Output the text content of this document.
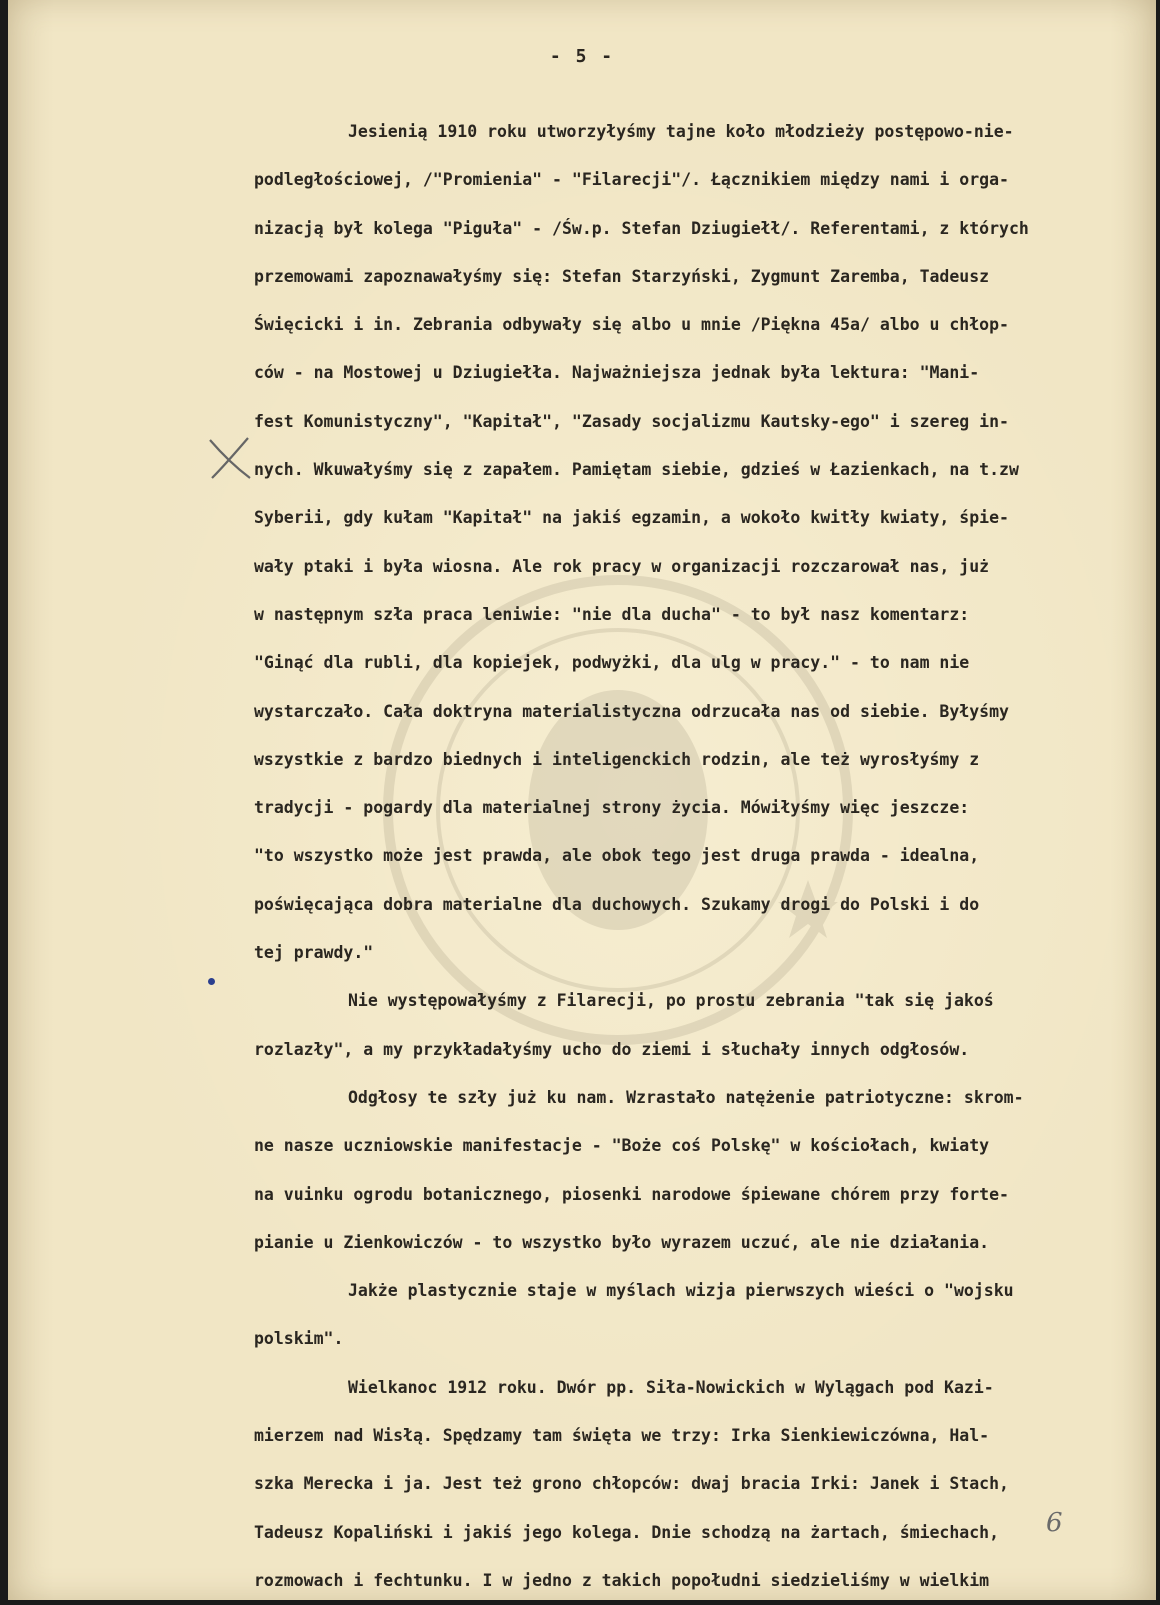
- 5 -
Jesienią 1910 roku utworzyłyśmy tajne koło młodzieży postępowo-nie-
podległościowej, /"Promienia" - "Filarecji"/. Łącznikiem między nami i orga-
nizacją był kolega "Piguła" - /Św.p. Stefan Dziugiełł/. Referentami, z których
przemowami zapoznawałyśmy się: Stefan Starzyński, Zygmunt Zaremba, Tadeusz
Święcicki i in. Zebrania odbywały się albo u mnie /Piękna 45a/ albo u chłop-
ców - na Mostowej u Dziugiełła. Najważniejsza jednak była lektura: "Mani-
fest Komunistyczny", "Kapitał", "Zasady socjalizmu Kautsky-ego" i szereg in-
nych. Wkuwałyśmy się z zapałem. Pamiętam siebie, gdzieś w Łazienkach, na t.zw
Syberii, gdy kułam "Kapitał" na jakiś egzamin, a wokoło kwitły kwiaty, śpie-
wały ptaki i była wiosna. Ale rok pracy w organizacji rozczarował nas, już
w następnym szła praca leniwie: "nie dla ducha" - to był nasz komentarz:
"Ginąć dla rubli, dla kopiejek, podwyżki, dla ulg w pracy." - to nam nie
wystarczało. Cała doktryna materialistyczna odrzucała nas od siebie. Byłyśmy
wszystkie z bardzo biednych i inteligenckich rodzin, ale też wyrosłyśmy z
tradycji - pogardy dla materialnej strony życia. Mówiłyśmy więc jeszcze:
"to wszystko może jest prawda, ale obok tego jest druga prawda - idealna,
poświęcająca dobra materialne dla duchowych. Szukamy drogi do Polski i do
tej prawdy."
Nie występowałyśmy z Filarecji, po prostu zebrania "tak się jakoś
rozlazły", a my przykładałyśmy ucho do ziemi i słuchały innych odgłosów.
Odgłosy te szły już ku nam. Wzrastało natężenie patriotyczne: skrom-
ne nasze uczniowskie manifestacje - "Boże coś Polskę" w kościołach, kwiaty
na vuinku ogrodu botanicznego, piosenki narodowe śpiewane chórem przy forte-
pianie u Zienkowiczów - to wszystko było wyrazem uczuć, ale nie działania.
Jakże plastycznie staje w myślach wizja pierwszych wieści o "wojsku
polskim".
Wielkanoc 1912 roku. Dwór pp. Siła-Nowickich w Wylągach pod Kazi-
mierzem nad Wisłą. Spędzamy tam święta we trzy: Irka Sienkiewiczówna, Hal-
szka Merecka i ja. Jest też grono chłopców: dwaj bracia Irki: Janek i Stach,
Tadeusz Kopaliński i jakiś jego kolega. Dnie schodzą na żartach, śmiechach,
rozmowach i fechtunku. I w jedno z takich popołudni siedzieliśmy w wielkim
6
